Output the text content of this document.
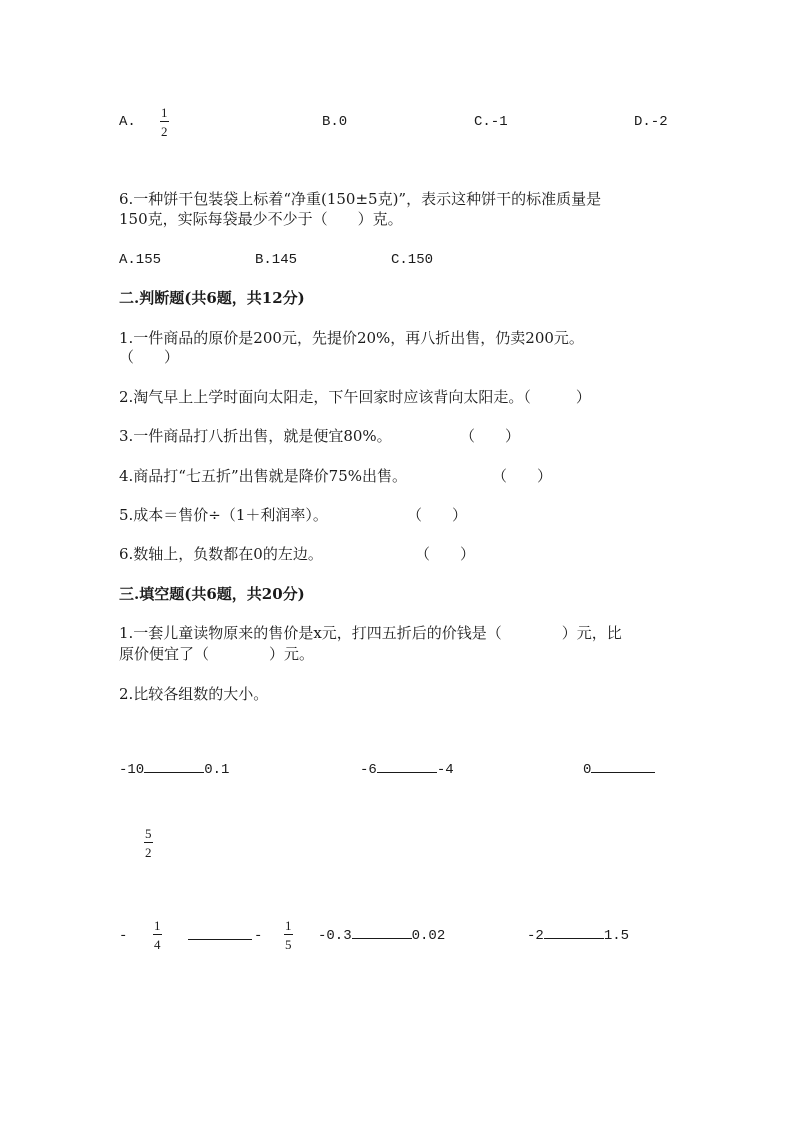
A.
1
2
B.0	C.-1	D.-2
6.一种饼干包装袋上标着“净重(150±5克)”，表示这种饼干的标准质量是
150克，实际每袋最少不少于（　　）克。
A.155	B.145	C.150
二.判断题(共6题，共12分)
1.一件商品的原价是200元，先提价20%，再八折出售，仍卖200元。
（　　）
2.淘气早上上学时面向太阳走，下午回家时应该背向太阳走。（　　　）
3.一件商品打八折出售，就是便宜80%。	（　　）
4.商品打“七五折”出售就是降价75%出售。	（　　）
5.成本＝售价÷（1＋利润率）。	（　　）
6.数轴上，负数都在0的左边。	（　　）
三.填空题(共6题，共20分)
1.一套儿童读物原来的售价是x元，打四五折后的价钱是（　　　　）元，比
原价便宜了（　　　　）元。
2.比较各组数的大小。
-10	0.1	-6	-4	0
5
2
-
1
4
-
1
5
-0.3	0.02	-2	1.5
